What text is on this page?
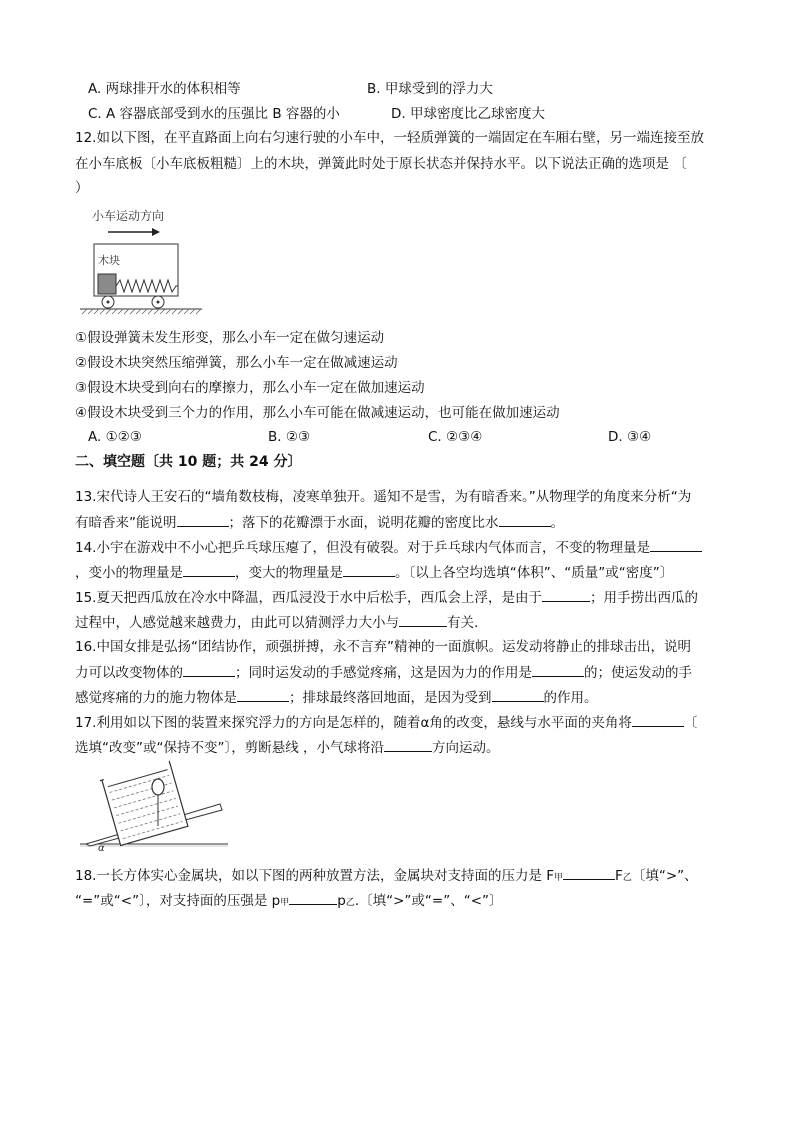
A. 两球排开水的体积相等	B. 甲球受到的浮力大
C. A 容器底部受到水的压强比 B 容器的小	D. 甲球密度比乙球密度大
12.如以下图，在平直路面上向右匀速行驶的小车中，一轻质弹簧的一端固定在车厢右壁，另一端连接至放
在小车底板〔小车底板粗糙〕上的木块，弹簧此时处于原长状态并保持水平。以下说法正确的选项是 〔
）
小车运动方向
木块
①假设弹簧未发生形变，那么小车一定在做匀速运动
②假设木块突然压缩弹簧，那么小车一定在做减速运动
③假设木块受到向右的摩擦力，那么小车一定在做加速运动
④假设木块受到三个力的作用，那么小车可能在做减速运动，也可能在做加速运动
A. ①②③	B. ②③	C. ②③④	D. ③④
二、填空题〔共 10 题；共 24 分〕
13.宋代诗人王安石的“墙角数枝梅，凌寒单独开。遥知不是雪，为有暗香来。”从物理学的角度来分析“为
有暗香来”能说明	；落下的花瓣漂于水面，说明花瓣的密度比水	。
14.小宇在游戏中不小心把乒乓球压瘪了，但没有破裂。对于乒乓球内气体而言，不变的物理量是
，变小的物理量是	，变大的物理量是	。〔以上各空均选填“体积”、“质量”或“密度”〕
15.夏天把西瓜放在冷水中降温，西瓜浸没于水中后松手，西瓜会上浮，是由于	；用手捞出西瓜的
过程中，人感觉越来越费力，由此可以猜测浮力大小与	有关.
16.中国女排是弘扬“团结协作，顽强拼搏，永不言弃”精神的一面旗帜。运发动将静止的排球击出，说明
力可以改变物体的	；同时运发动的手感觉疼痛，这是因为力的作用是	的；使运发动的手
感觉疼痛的力的施力物体是	；排球最终落回地面，是因为受到	的作用。
17.利用如以下图的装置来探究浮力的方向是怎样的，随着α角的改变，悬线与水平面的夹角将	〔
选填“改变”或“保持不变”〕，剪断悬线 ，小气球将沿	方向运动。
α
18.一长方体实心金属块，如以下图的两种放置方法，金属块对支持面的压力是 F甲	F乙〔填“>”、
“=”或“<”〕，对支持面的压强是 p甲	p乙.〔填“>”或“=”、“<”〕
